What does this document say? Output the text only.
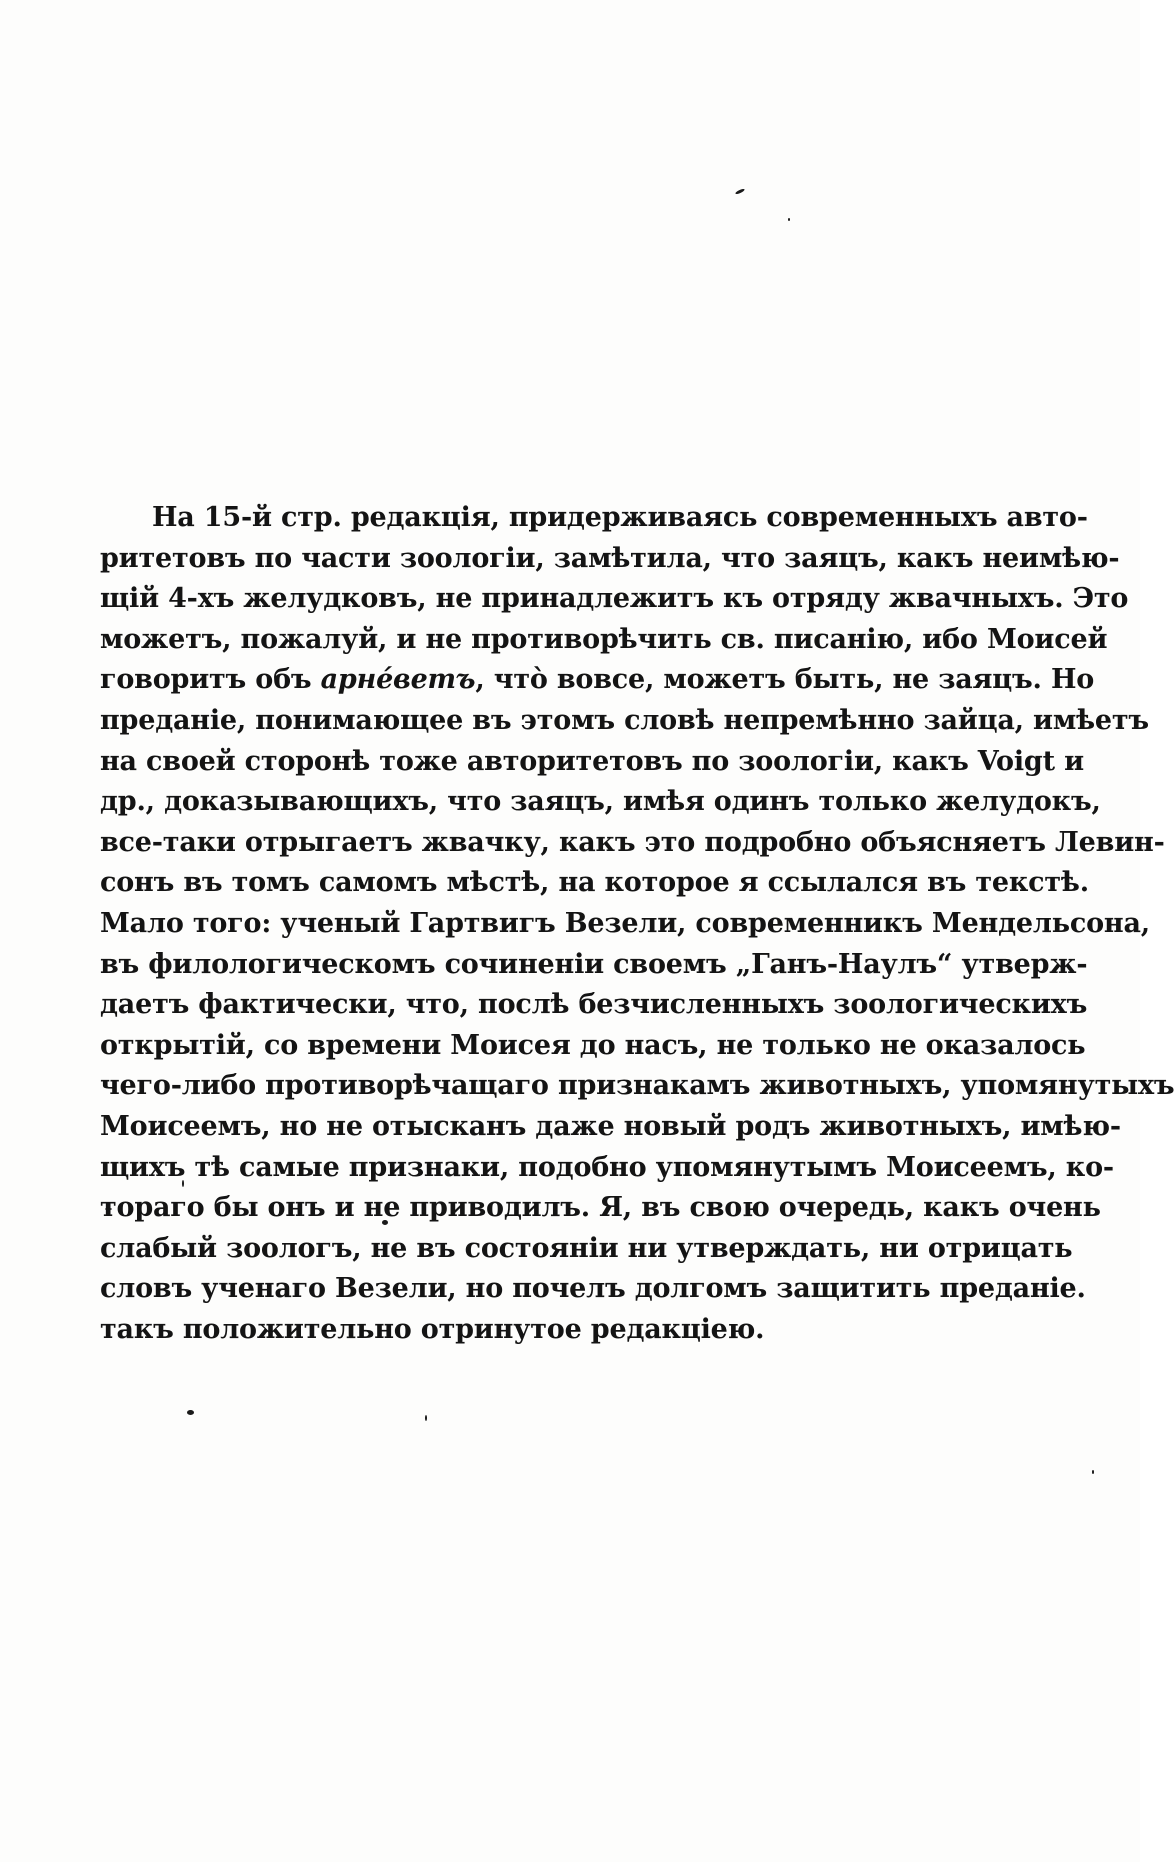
На 15-й стр. редакція, придерживаясь современныхъ авто-
ритетовъ по части зоологіи, замѣтила, что заяцъ, какъ неимѣю-
щій 4-хъ желудковъ, не принадлежитъ къ отряду жвачныхъ. Это
можетъ, пожалуй, и не противорѣчить св. писанію, ибо Моисей
говоритъ объ арнéветъ, чтò вовсе, можетъ быть, не заяцъ. Но
преданіе, понимающее въ этомъ словѣ непремѣнно зайца, имѣетъ
на своей сторонѣ тоже авторитетовъ по зоологіи, какъ Voigt и
др., доказывающихъ, что заяцъ, имѣя одинъ только желудокъ,
все-таки отрыгаетъ жвачку, какъ это подробно объясняетъ Левин-
сонъ въ томъ самомъ мѣстѣ, на которое я ссылался въ текстѣ.
Мало того: ученый Гартвигъ Везели, современникъ Мендельсона,
въ филологическомъ сочиненіи своемъ „Ганъ-Наулъ“ утверж-
даетъ фактически, что, послѣ безчисленныхъ зоологическихъ
открытій, со времени Моисея до насъ, не только не оказалось
чего-либо противорѣчащаго признакамъ животныхъ, упомянутыхъ
Моисеемъ, но не отысканъ даже новый родъ животныхъ, имѣю-
щихъ тѣ самые признаки, подобно упомянутымъ Моисеемъ, ко-
тораго бы онъ и не приводилъ. Я, въ свою очередь, какъ очень
слабый зоологъ, не въ состояніи ни утверждать, ни отрицать
словъ ученаго Везели, но почелъ долгомъ защитить преданіе.
такъ положительно отринутое редакціею.
